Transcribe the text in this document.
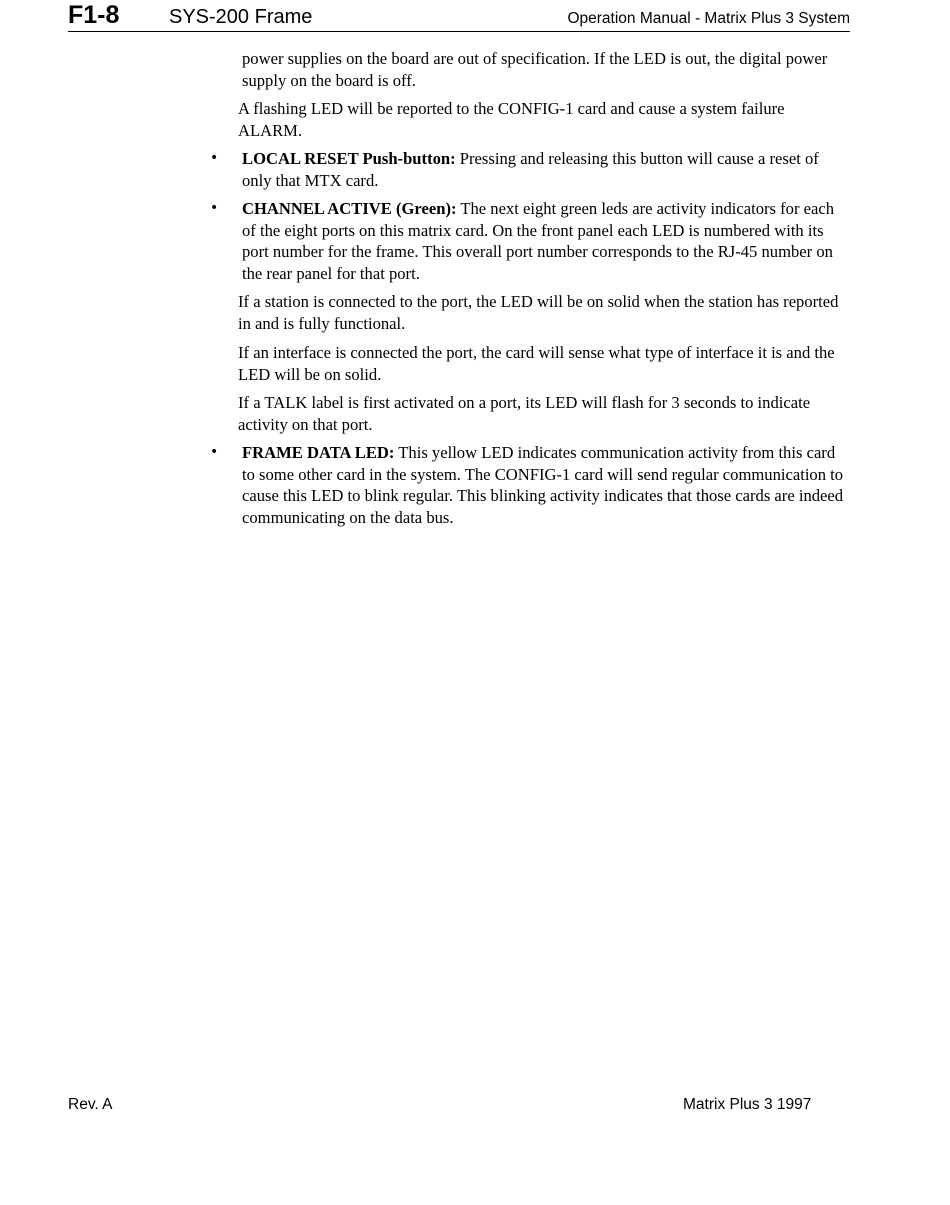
F1-8 SYS-200 Frame	Operation Manual - Matrix Plus 3 System

power supplies on the board are out of specification. If the LED is out, the digital power supply on the board is off.

A flashing LED will be reported to the CONFIG-1 card and cause a system failure ALARM.

• LOCAL RESET Push-button: Pressing and releasing this button will cause a reset of only that MTX card.
• CHANNEL ACTIVE (Green): The next eight green leds are activity indicators for each of the eight ports on this matrix card. On the front panel each LED is numbered with its port number for the frame. This overall port number corresponds to the RJ-45 number on the rear panel for that port.

If a station is connected to the port, the LED will be on solid when the station has reported in and is fully functional.

If an interface is connected the port, the card will sense what type of interface it is and the LED will be on solid.

If a TALK label is first activated on a port, its LED will flash for 3 seconds to indicate activity on that port.

• FRAME DATA LED: This yellow LED indicates communication activity from this card to some other card in the system. The CONFIG-1 card will send regular communication to cause this LED to blink regular. This blinking activity indicates that those cards are indeed communicating on the data bus.
Rev. A	Matrix Plus 3 1997
